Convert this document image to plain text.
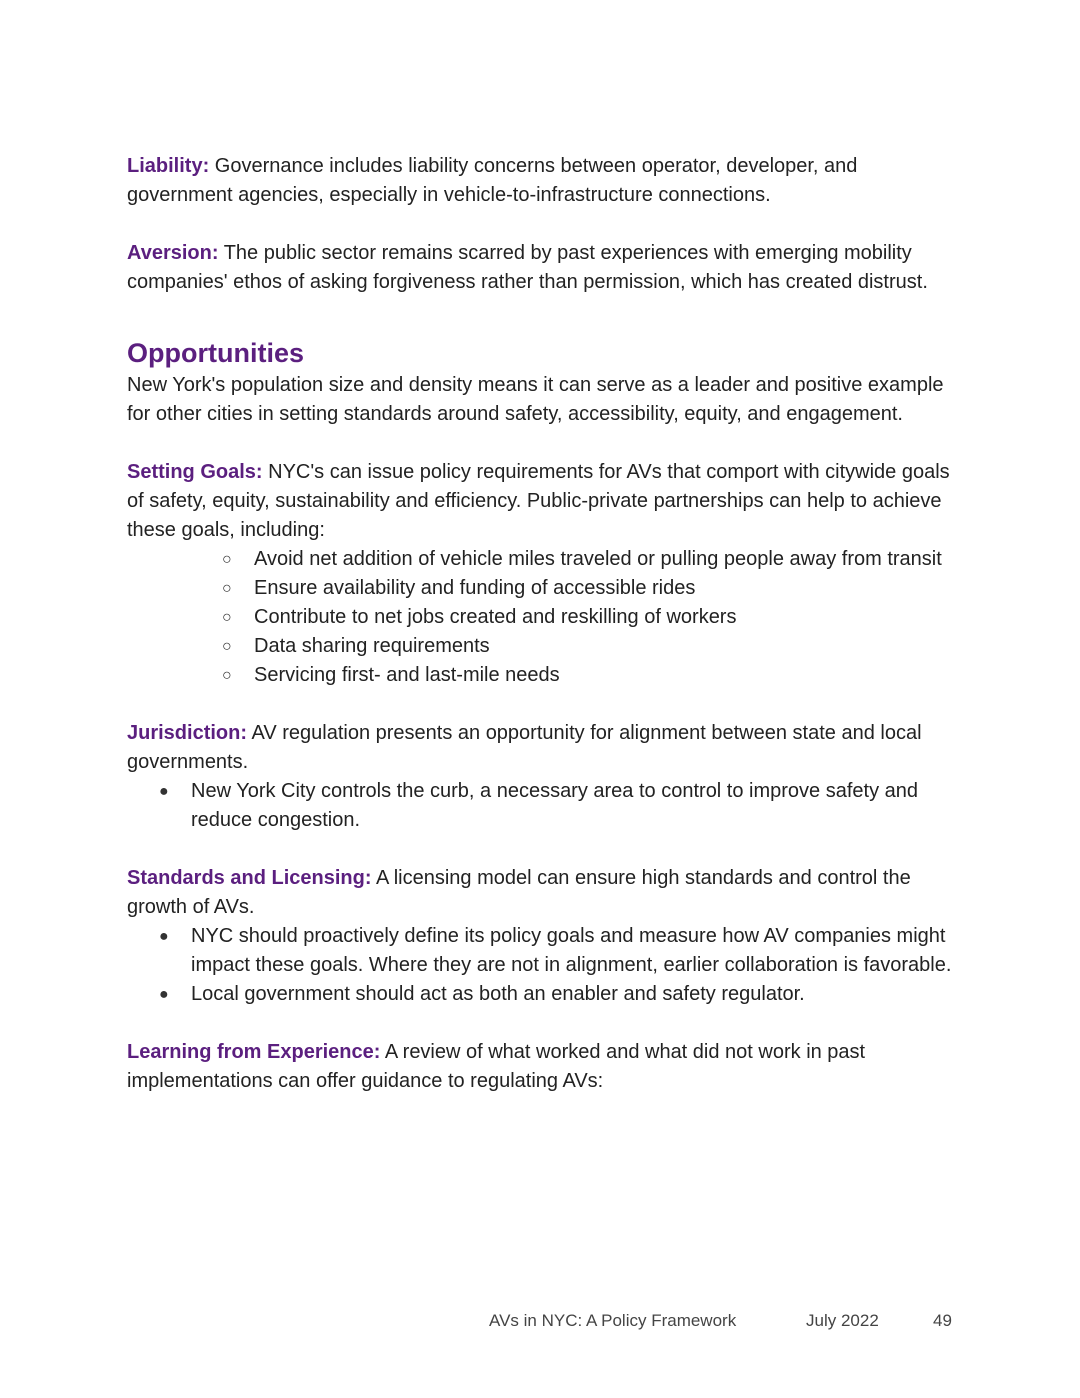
Liability: Governance includes liability concerns between operator, developer, and government agencies, especially in vehicle-to-infrastructure connections.

Aversion: The public sector remains scarred by past experiences with emerging mobility companies' ethos of asking forgiveness rather than permission, which has created distrust.

Opportunities

New York's population size and density means it can serve as a leader and positive example for other cities in setting standards around safety, accessibility, equity, and engagement.

Setting Goals: NYC's can issue policy requirements for AVs that comport with citywide goals of safety, equity, sustainability and efficiency. Public-private partnerships can help to achieve these goals, including:

○ Avoid net addition of vehicle miles traveled or pulling people away from transit
○ Ensure availability and funding of accessible rides
○ Contribute to net jobs created and reskilling of workers
○ Data sharing requirements
○ Servicing first- and last-mile needs

Jurisdiction: AV regulation presents an opportunity for alignment between state and local governments.

● New York City controls the curb, a necessary area to control to improve safety and reduce congestion.

Standards and Licensing: A licensing model can ensure high standards and control the growth of AVs.

● NYC should proactively define its policy goals and measure how AV companies might impact these goals. Where they are not in alignment, earlier collaboration is favorable.
● Local government should act as both an enabler and safety regulator.

Learning from Experience: A review of what worked and what did not work in past implementations can offer guidance to regulating AVs:

AVs in NYC: A Policy Framework	July 2022	49
